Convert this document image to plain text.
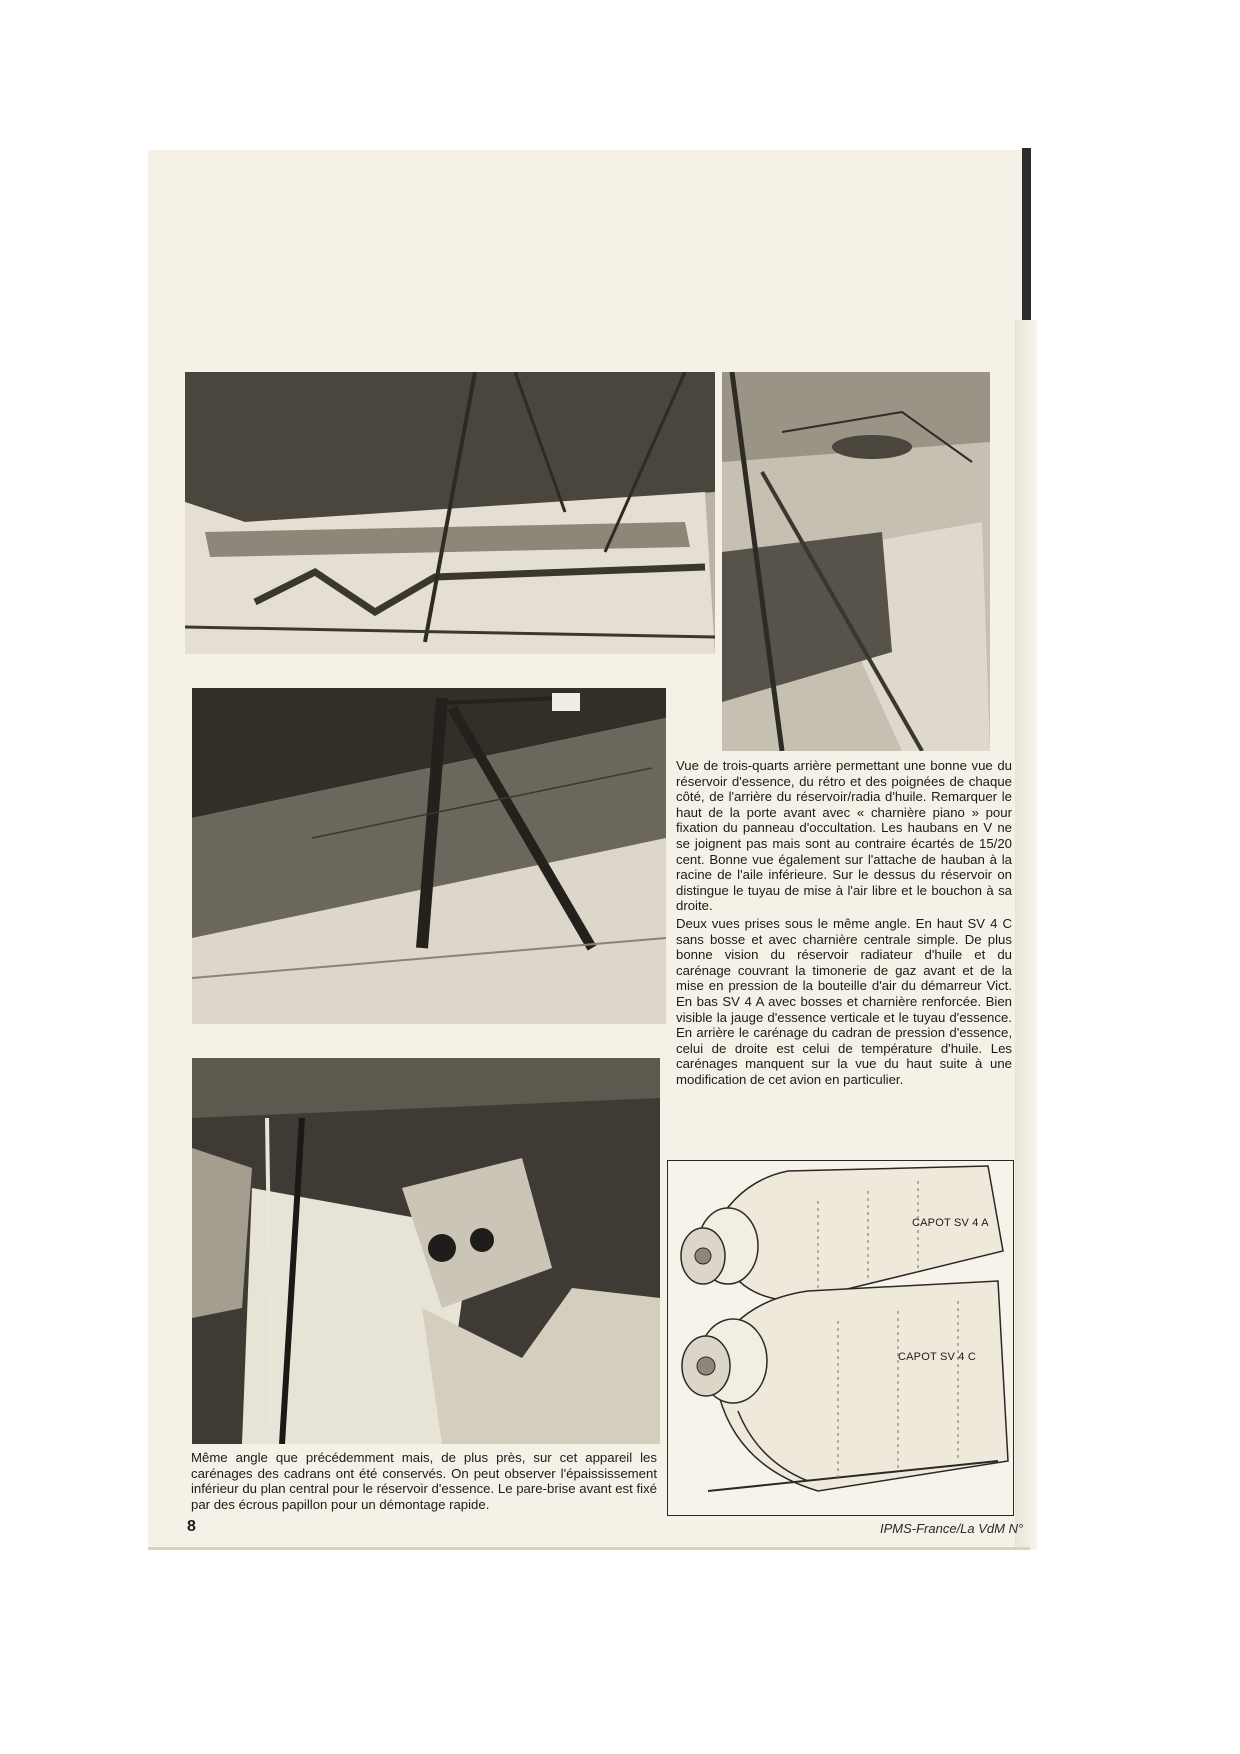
Vue de trois-quarts arrière permettant une bonne vue du réservoir d'essence, du rétro et des poignées de chaque côté, de l'arrière du réservoir/radia d'huile. Remarquer le haut de la porte avant avec « charnière piano » pour fixation du panneau d'occultation. Les haubans en V ne se joignent pas mais sont au contraire écartés de 15/20 cent. Bonne vue également sur l'attache de hauban à la racine de l'aile inférieure. Sur le dessus du réservoir on distingue le tuyau de mise à l'air libre et le bouchon à sa droite.

Deux vues prises sous le même angle. En haut SV 4 C sans bosse et avec charnière centrale simple. De plus bonne vision du réservoir radiateur d'huile et du carénage couvrant la timonerie de gaz avant et de la mise en pression de la bouteille d'air du démarreur Vict. En bas SV 4 A avec bosses et charnière renforcée. Bien visible la jauge d'essence verticale et le tuyau d'essence. En arrière le carénage du cadran de pression d'essence, celui de droite est celui de température d'huile. Les carénages manquent sur la vue du haut suite à une modification de cet avion en particulier.

Même angle que précédemment mais, de plus près, sur cet appareil les carénages des cadrans ont été conservés. On peut observer l'épaississement inférieur du plan central pour le réservoir d'essence. Le pare-brise avant est fixé par des écrous papillon pour un démontage rapide.

CAPOT SV 4 A
CAPOT SV 4 C
8	IPMS-France/La VdM N°
